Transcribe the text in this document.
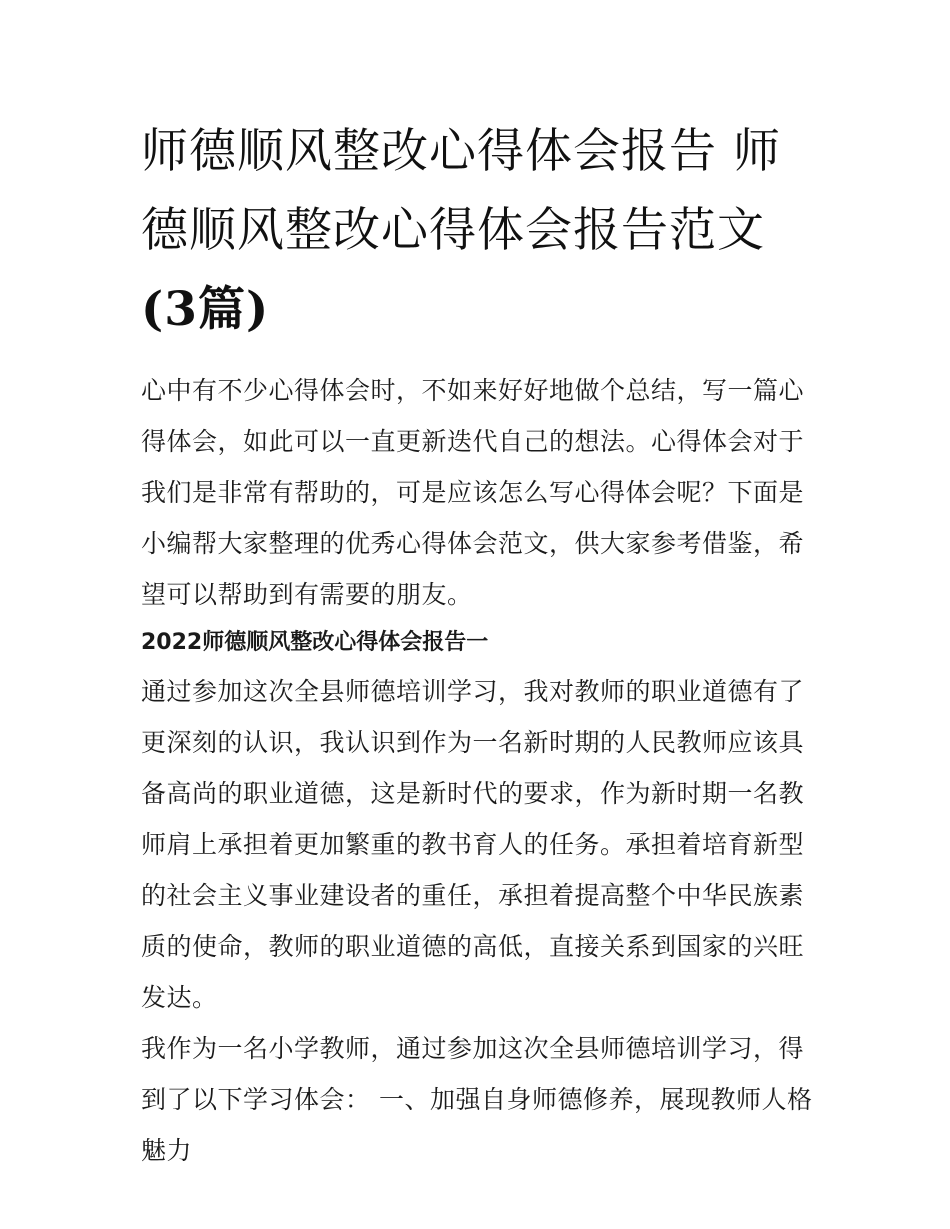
师德顺风整改心得体会报告 师德顺风整改心得体会报告范文
(3篇)

心中有不少心得体会时，不如来好好地做个总结，写一篇心得体会，如此可以一直更新迭代自己的想法。心得体会对于我们是非常有帮助的，可是应该怎么写心得体会呢？下面是小编帮大家整理的优秀心得体会范文，供大家参考借鉴，希望可以帮助到有需要的朋友。

2022师德顺风整改心得体会报告一

通过参加这次全县师德培训学习，我对教师的职业道德有了更深刻的认识，我认识到作为一名新时期的人民教师应该具备高尚的职业道德，这是新时代的要求，作为新时期一名教师肩上承担着更加繁重的教书育人的任务。承担着培育新型的社会主义事业建设者的重任，承担着提高整个中华民族素质的使命，教师的职业道德的高低，直接关系到国家的兴旺发达。

我作为一名小学教师，通过参加这次全县师德培训学习，得到了以下学习体会： 一、加强自身师德修养，展现教师人格魅力
